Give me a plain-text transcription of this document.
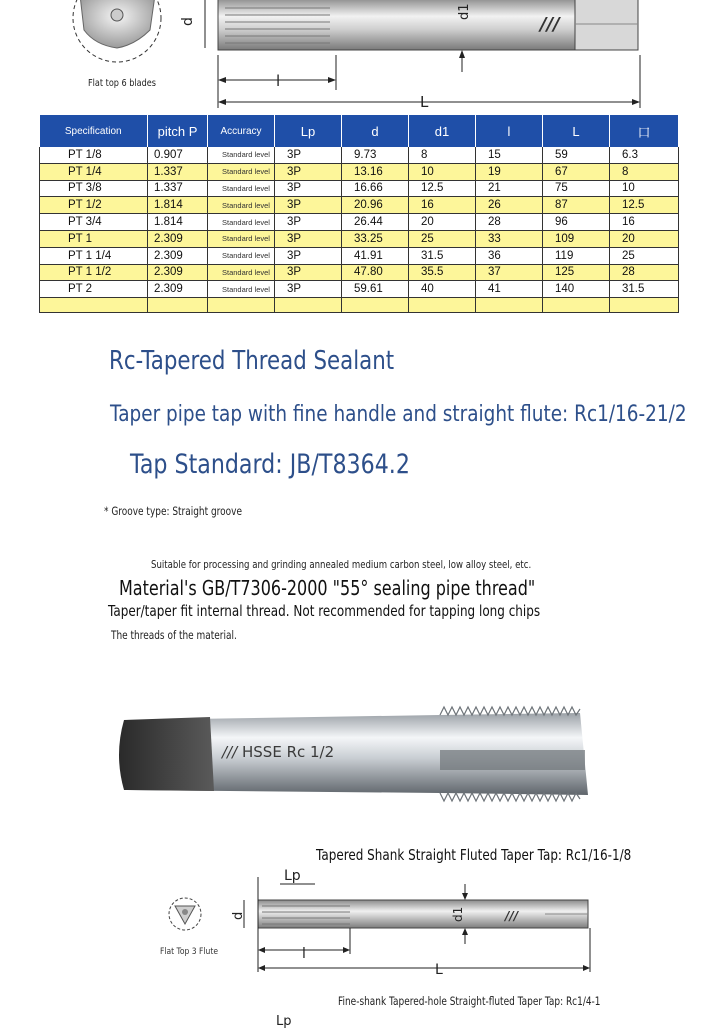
///
Flat top 6 blades
d
d1
l
L
Specification	pitch P	Accuracy	Lp	d	d1	l	L	口
PT 1/8	0.907	Standard level	3P	9.73	8	15	59	6.3
PT 1/4	1.337	Standard level	3P	13.16	10	19	67	8
PT 3/8	1.337	Standard level	3P	16.66	12.5	21	75	10
PT 1/2	1.814	Standard level	3P	20.96	16	26	87	12.5
PT 3/4	1.814	Standard level	3P	26.44	20	28	96	16
PT 1	2.309	Standard level	3P	33.25	25	33	109	20
PT 1 1/4	2.309	Standard level	3P	41.91	31.5	36	119	25
PT 1 1/2	2.309	Standard level	3P	47.80	35.5	37	125	28
PT 2	2.309	Standard level	3P	59.61	40	41	140	31.5

Rc-Tapered Thread Sealant
Taper pipe tap with fine handle and straight flute: Rc1/16-21/2
Tap Standard: JB/T8364.2
* Groove type: Straight groove
Suitable for processing and grinding annealed medium carbon steel, low alloy steel, etc.
Material's GB/T7306-2000 "55° sealing pipe thread"
Taper/taper fit internal thread. Not recommended for tapping long chips
The threads of the material.
/// HSSE Rc 1/2
Tapered Shank Straight Fluted Taper Tap: Rc1/16-1/8
///
Lp
d	d1
l
L
Flat Top 3 Flute
Fine-shank Tapered-hole Straight-fluted Taper Tap: Rc1/4-1
Lp
